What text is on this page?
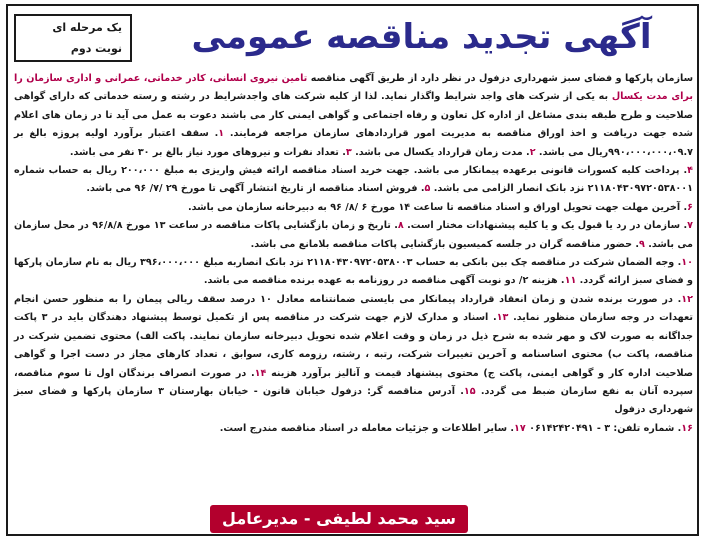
یک مرحله ای
نوبت دوم	آگهی تجدید مناقصه عمومی

سازمان پارکها و فضای سبز شهرداری دزفول در نظر دارد از طریق آگهی مناقصه تامین نیروی انسانی، کادر خدماتی، عمرانی و اداری سازمان را برای مدت یکسال به یکی از شرکت های واجد شرایط واگذار نماید. لذا از کلیه شرکت های واجدشرایط در رشته و رسته خدماتی که دارای گواهی صلاحیت و طرح طبقه بندی مشاغل از اداره کل تعاون و رفاه اجتماعی و گواهی ایمنی کار می باشند دعوت به عمل می آید تا در زمان های اعلام شده جهت دریافت و اخذ اوراق مناقصه به مدیریت امور قراردادهای سازمان مراجعه فرمایند. ۱. سقف اعتبار برآورد اولیه پروژه بالغ بر ۹۹۰،۰۰۰،۰۰۰،۰۹.۷ریال می باشد. ۲. مدت زمان قرارداد یکسال می باشد. ۳. تعداد نفرات و نیروهای مورد نیاز بالغ بر ۳۰ نفر می باشد.

۴. پرداخت کلیه کسورات قانونی برعهده پیمانکار می باشد. جهت خرید اسناد مناقصه ارائه فیش واریزی به مبلغ ۲۰۰،۰۰۰ ریال به حساب شماره ۲۱۱۸۰۴۳۰۹۷۲۰۵۳۸۰۰۱ نزد بانک انصار الزامی می باشد. ۵. فروش اسناد مناقصه از تاریخ انتشار آگهی تا مورخ ۲۹ /۷/ ۹۶ می باشد.

۶. آخرین مهلت جهت تحویل اوراق و اسناد مناقصه تا ساعت ۱۴ مورخ ۶ /۸/ ۹۶ به دبیرخانه سازمان می باشد.

۷. سازمان در رد یا قبول یک و یا کلیه پیشنهادات مختار است. ۸. تاریخ و زمان بازگشایی پاکات مناقصه در ساعت ۱۳ مورخ ۹۶/۸/۸ در محل سازمان می باشد. ۹. حضور مناقصه گران در جلسه کمیسیون بازگشایی پاکات مناقصه بلامانع می باشد.

۱۰. وجه الضمان شرکت در مناقصه چک بین بانکی به حساب ۲۱۱۸۰۴۳۰۹۷۲۰۵۳۸۰۰۳ نزد بانک انصاربه مبلغ ۳۹۶،۰۰۰،۰۰۰ ریال به نام سازمان پارکها و فضای سبز ارائه گردد. ۱۱. هزینه ۲/ دو نوبت آگهی مناقصه در روزنامه به عهده برنده مناقصه می باشد.

۱۲. در صورت برنده شدن و زمان انعقاد قرارداد پیمانکار می بایستی ضمانتنامه معادل ۱۰ درصد سقف ریالی پیمان را به منظور حسن انجام تعهدات در وجه سازمان منظور نماید. ۱۳. اسناد و مدارک لازم جهت شرکت در مناقصه پس از تکمیل توسط پیشنهاد دهندگان باید در ۳ پاکت جداگانه به صورت لاک و مهر شده به شرح ذیل در زمان و وقت اعلام شده تحویل دبیرخانه سازمان نمایند. پاکت الف) محتوی تضمین شرکت در مناقصه، پاکت ب) محتوی اساسنامه و آخرین تغییرات شرکت، رتبه ، رشته، رزومه کاری، سوابق ، تعداد کارهای مجاز در دست اجرا و گواهی صلاحیت اداره کار و گواهی ایمنی، پاکت ج) محتوی پیشنهاد قیمت و آنالیز برآورد هزینه ۱۴. در صورت انصراف برندگان اول تا سوم مناقصه، سپرده آنان به نفع سازمان ضبط می گردد. ۱۵. آدرس مناقصه گر: دزفول خیابان قانون - خیابان بهارستان ۳ سازمان پارکها و فضای سبز شهرداری دزفول

۱۶. شماره تلفن: ۳ - ۰۶۱۴۲۴۲۰۴۹۱ ۱۷. سایر اطلاعات و جزئیات معامله در اسناد مناقصه مندرج است.

سید محمد لطیفی - مدیرعامل
